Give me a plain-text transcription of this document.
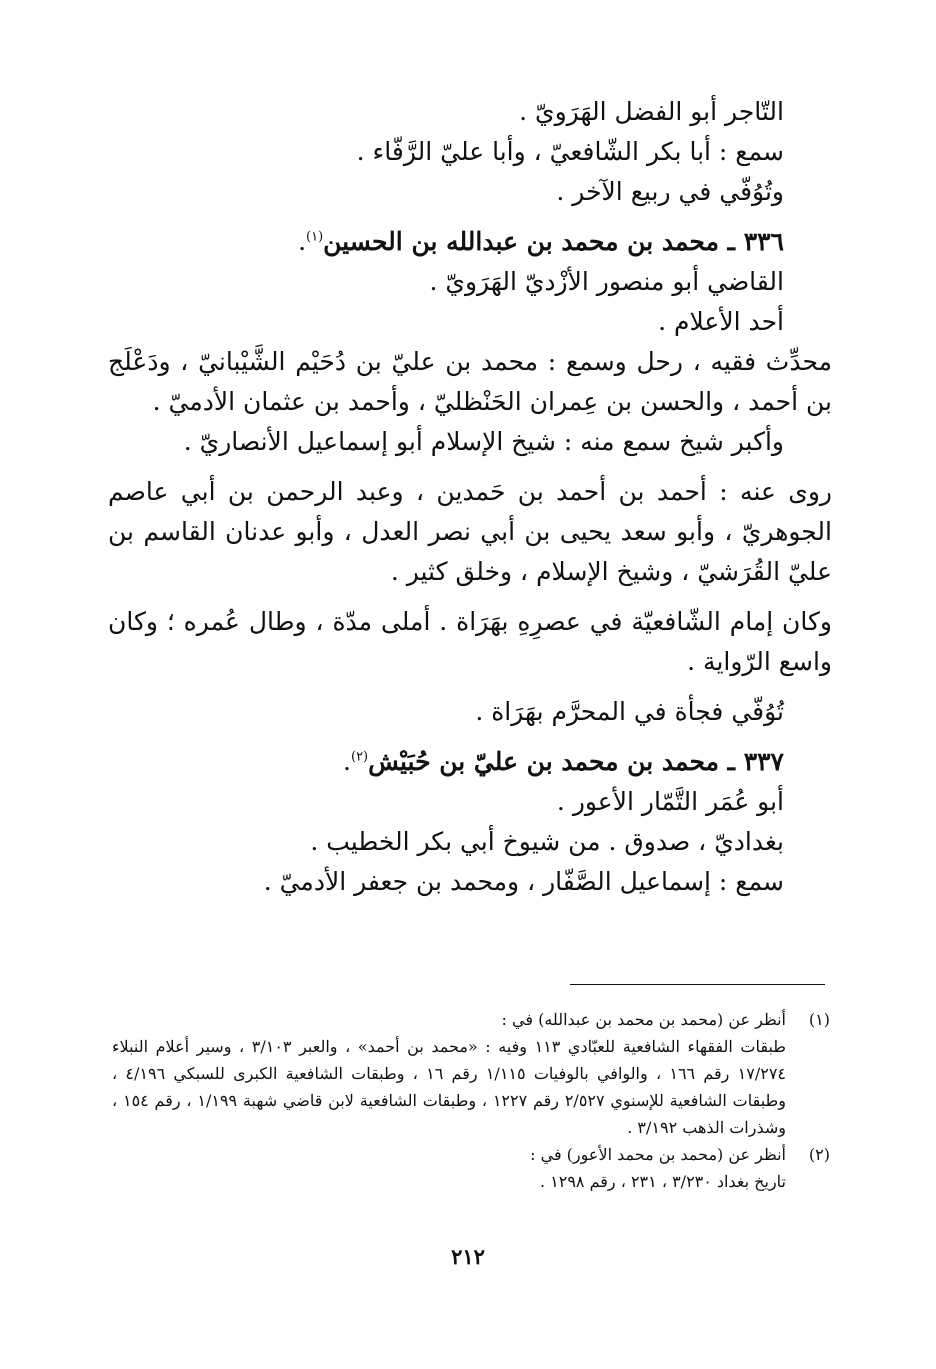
التّاجر أبو الفضل الهَرَويّ .

سمع : أبا بكر الشّافعيّ ، وأبا عليّ الرَّفّاء .

وتُوُفّي في ربيع الآخر .

٣٣٦ ـ محمد بن محمد بن عبدالله بن الحسين$^{(١)}$.

القاضي أبو منصور الأزْديّ الهَرَويّ .

أحد الأعلام .

محدِّث فقيه ، رحل وسمع : محمد بن عليّ بن دُحَيْم الشَّيْبانيّ ، ودَعْلَج بن أحمد ، والحسن بن عِمران الحَنْظليّ ، وأحمد بن عثمان الأدميّ .

وأكبر شيخ سمع منه : شيخ الإسلام أبو إسماعيل الأنصاريّ .

روى عنه : أحمد بن أحمد بن حَمدين ، وعبد الرحمن بن أبي عاصم الجوهريّ ، وأبو سعد يحيى بن أبي نصر العدل ، وأبو عدنان القاسم بن عليّ القُرَشيّ ، وشيخ الإسلام ، وخلق كثير .

وكان إمام الشّافعيّة في عصرِهِ بهَرَاة . أملى مدّة ، وطال عُمره ؛ وكان واسع الرّواية .

تُوُفّي فجأة في المحرَّم بهَرَاة .

٣٣٧ ـ محمد بن محمد بن عليّ بن حُبَيْش$^{(٢)}$.

أبو عُمَر التَّمّار الأعور .

بغداديّ ، صدوق . من شيوخ أبي بكر الخطيب .

سمع : إسماعيل الصَّفّار ، ومحمد بن جعفر الأدميّ .

(١)

أنظر عن (محمد بن محمد بن عبدالله) في :

طبقات الفقهاء الشافعية للعبّادي ١١٣ وفيه : «محمد بن أحمد» ، والعبر ٣/١٠٣ ، وسير أعلام النبلاء ١٧/٢٧٤ رقم ١٦٦ ، والوافي بالوفيات ١/١١٥ رقم ١٦ ، وطبقات الشافعية الكبرى للسبكي ٤/١٩٦ ، وطبقات الشافعية للإسنوي ٢/٥٢٧ رقم ١٢٢٧ ، وطبقات الشافعية لابن قاضي شهبة ١/١٩٩ ، رقم ١٥٤ ، وشذرات الذهب ٣/١٩٢ .

(٢)

أنظر عن (محمد بن محمد الأعور) في :

تاريخ بغداد ٣/٢٣٠ ، ٢٣١ ، رقم ١٢٩٨ .

٢١٢
